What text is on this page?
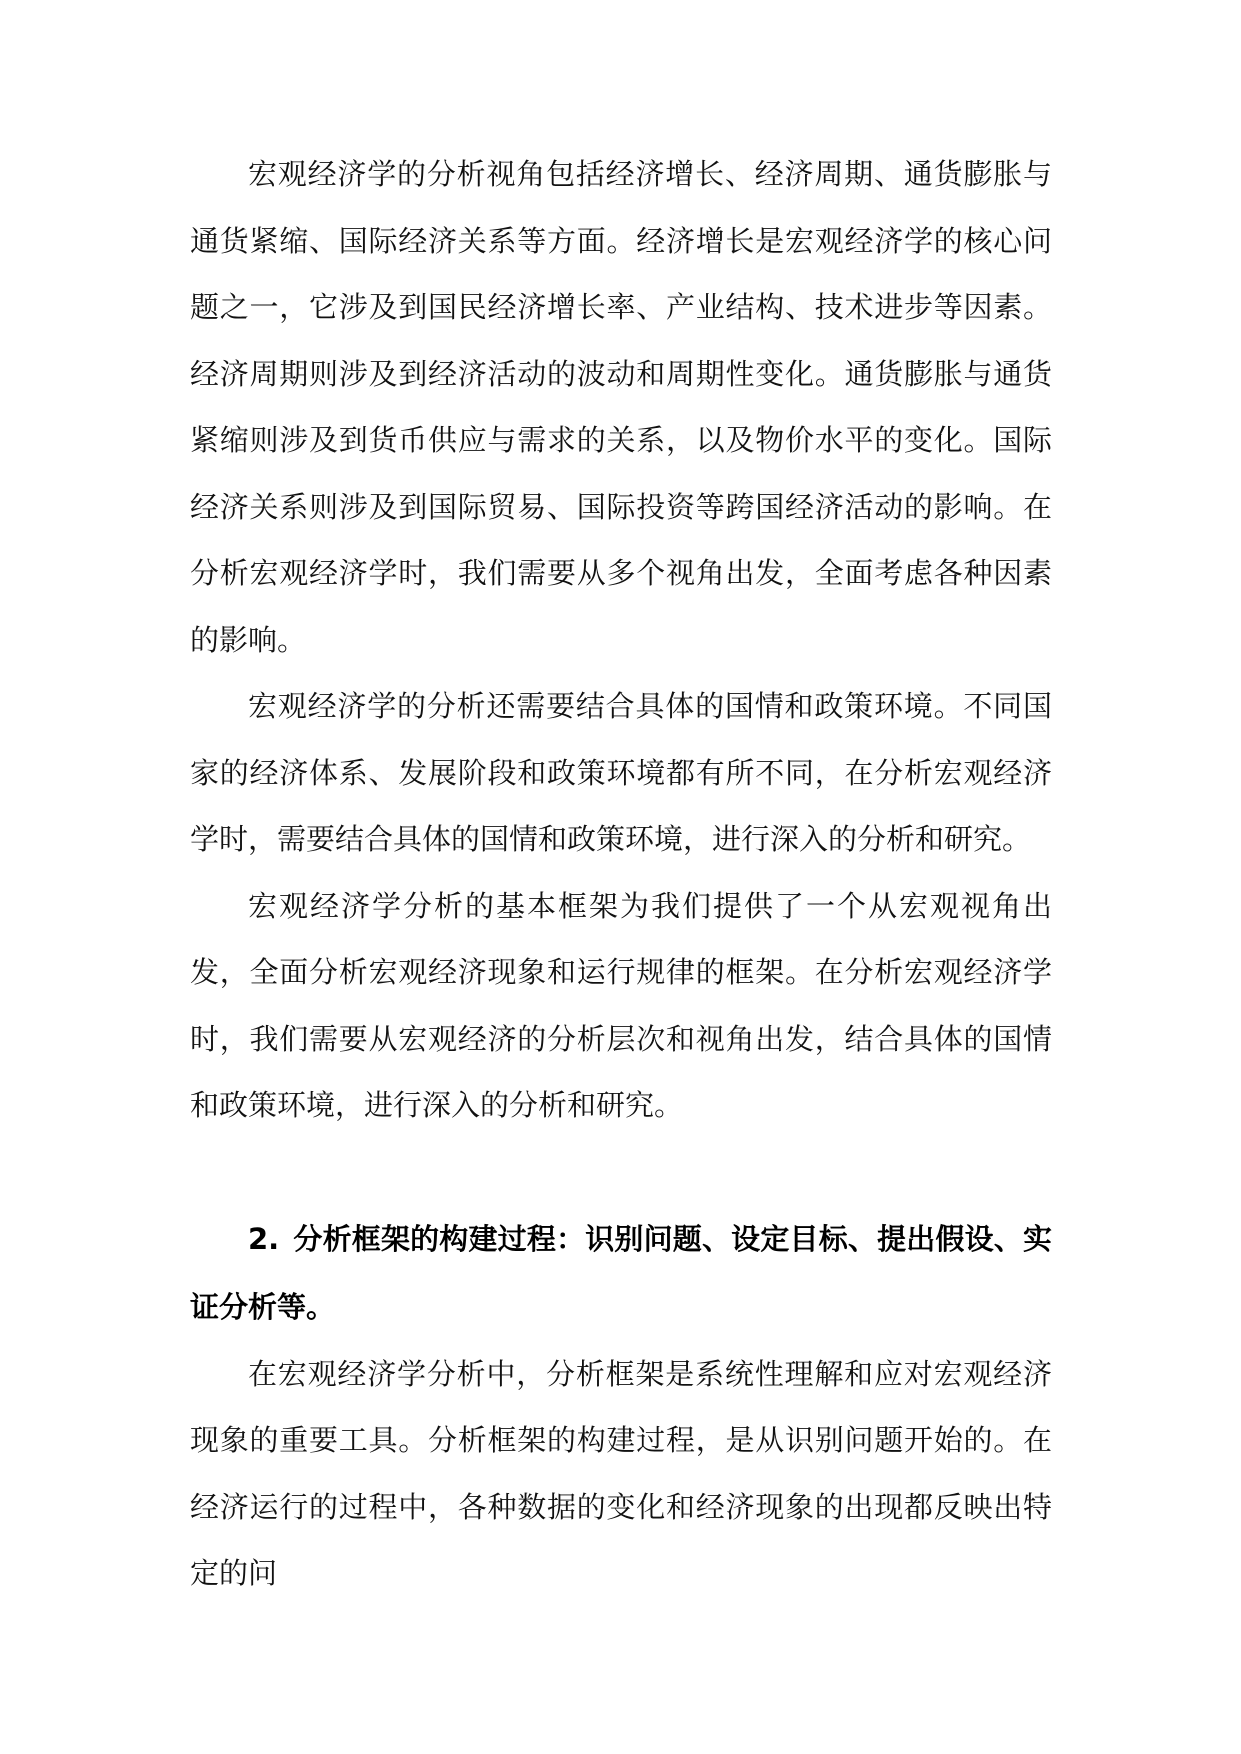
宏观经济学的分析视角包括经济增长、经济周期、通货膨胀与通货紧缩、国际经济关系等方面。经济增长是宏观经济学的核心问题之一，它涉及到国民经济增长率、产业结构、技术进步等因素。经济周期则涉及到经济活动的波动和周期性变化。通货膨胀与通货紧缩则涉及到货币供应与需求的关系，以及物价水平的变化。国际经济关系则涉及到国际贸易、国际投资等跨国经济活动的影响。在分析宏观经济学时，我们需要从多个视角出发，全面考虑各种因素的影响。

宏观经济学的分析还需要结合具体的国情和政策环境。不同国家的经济体系、发展阶段和政策环境都有所不同，在分析宏观经济学时，需要结合具体的国情和政策环境，进行深入的分析和研究。

宏观经济学分析的基本框架为我们提供了一个从宏观视角出发，全面分析宏观经济现象和运行规律的框架。在分析宏观经济学时，我们需要从宏观经济的分析层次和视角出发，结合具体的国情和政策环境，进行深入的分析和研究。

2. 分析框架的构建过程：识别问题、设定目标、提出假设、实证分析等。

在宏观经济学分析中，分析框架是系统性理解和应对宏观经济现象的重要工具。分析框架的构建过程，是从识别问题开始的。在经济运行的过程中，各种数据的变化和经济现象的出现都反映出特定的问
